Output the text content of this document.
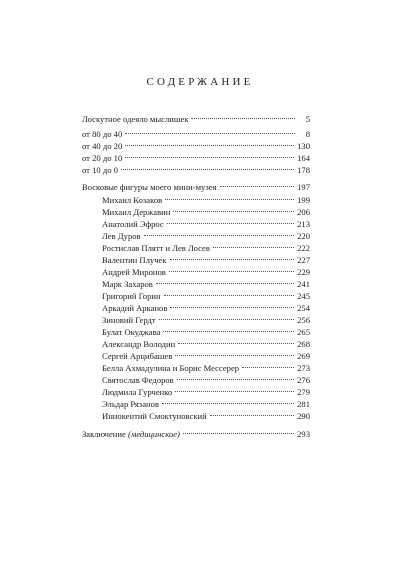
СОДЕРЖАНИЕ
Лоскутное одеяло мыслишек	5
от 80 до 40	8
от 40 до 20	130
от 20 до 10	164
от 10 до 0	178
Восковые фигуры моего мини-музея	197
Михаил Козаков	199
Михаил Державин	206
Анатолий Эфрос	213
Лев Дуров	220
Ростислав Плятт и Лев Лосев	222
Валентин Плучек	227
Андрей Миронов	229
Марк Захаров	241
Григорий Горин	245
Аркадий Арканов	254
Зиновий Гердт	256
Булат Окуджава	265
Александр Володин	268
Сергей Арцибашев	269
Белла Ахмадулина и Борис Мессерер	273
Святослав Федоров	276
Людмила Гурченко	279
Эльдар Рязанов	281
Иннокентий Смоктуновский	290
Заключение (медицинское)	293
